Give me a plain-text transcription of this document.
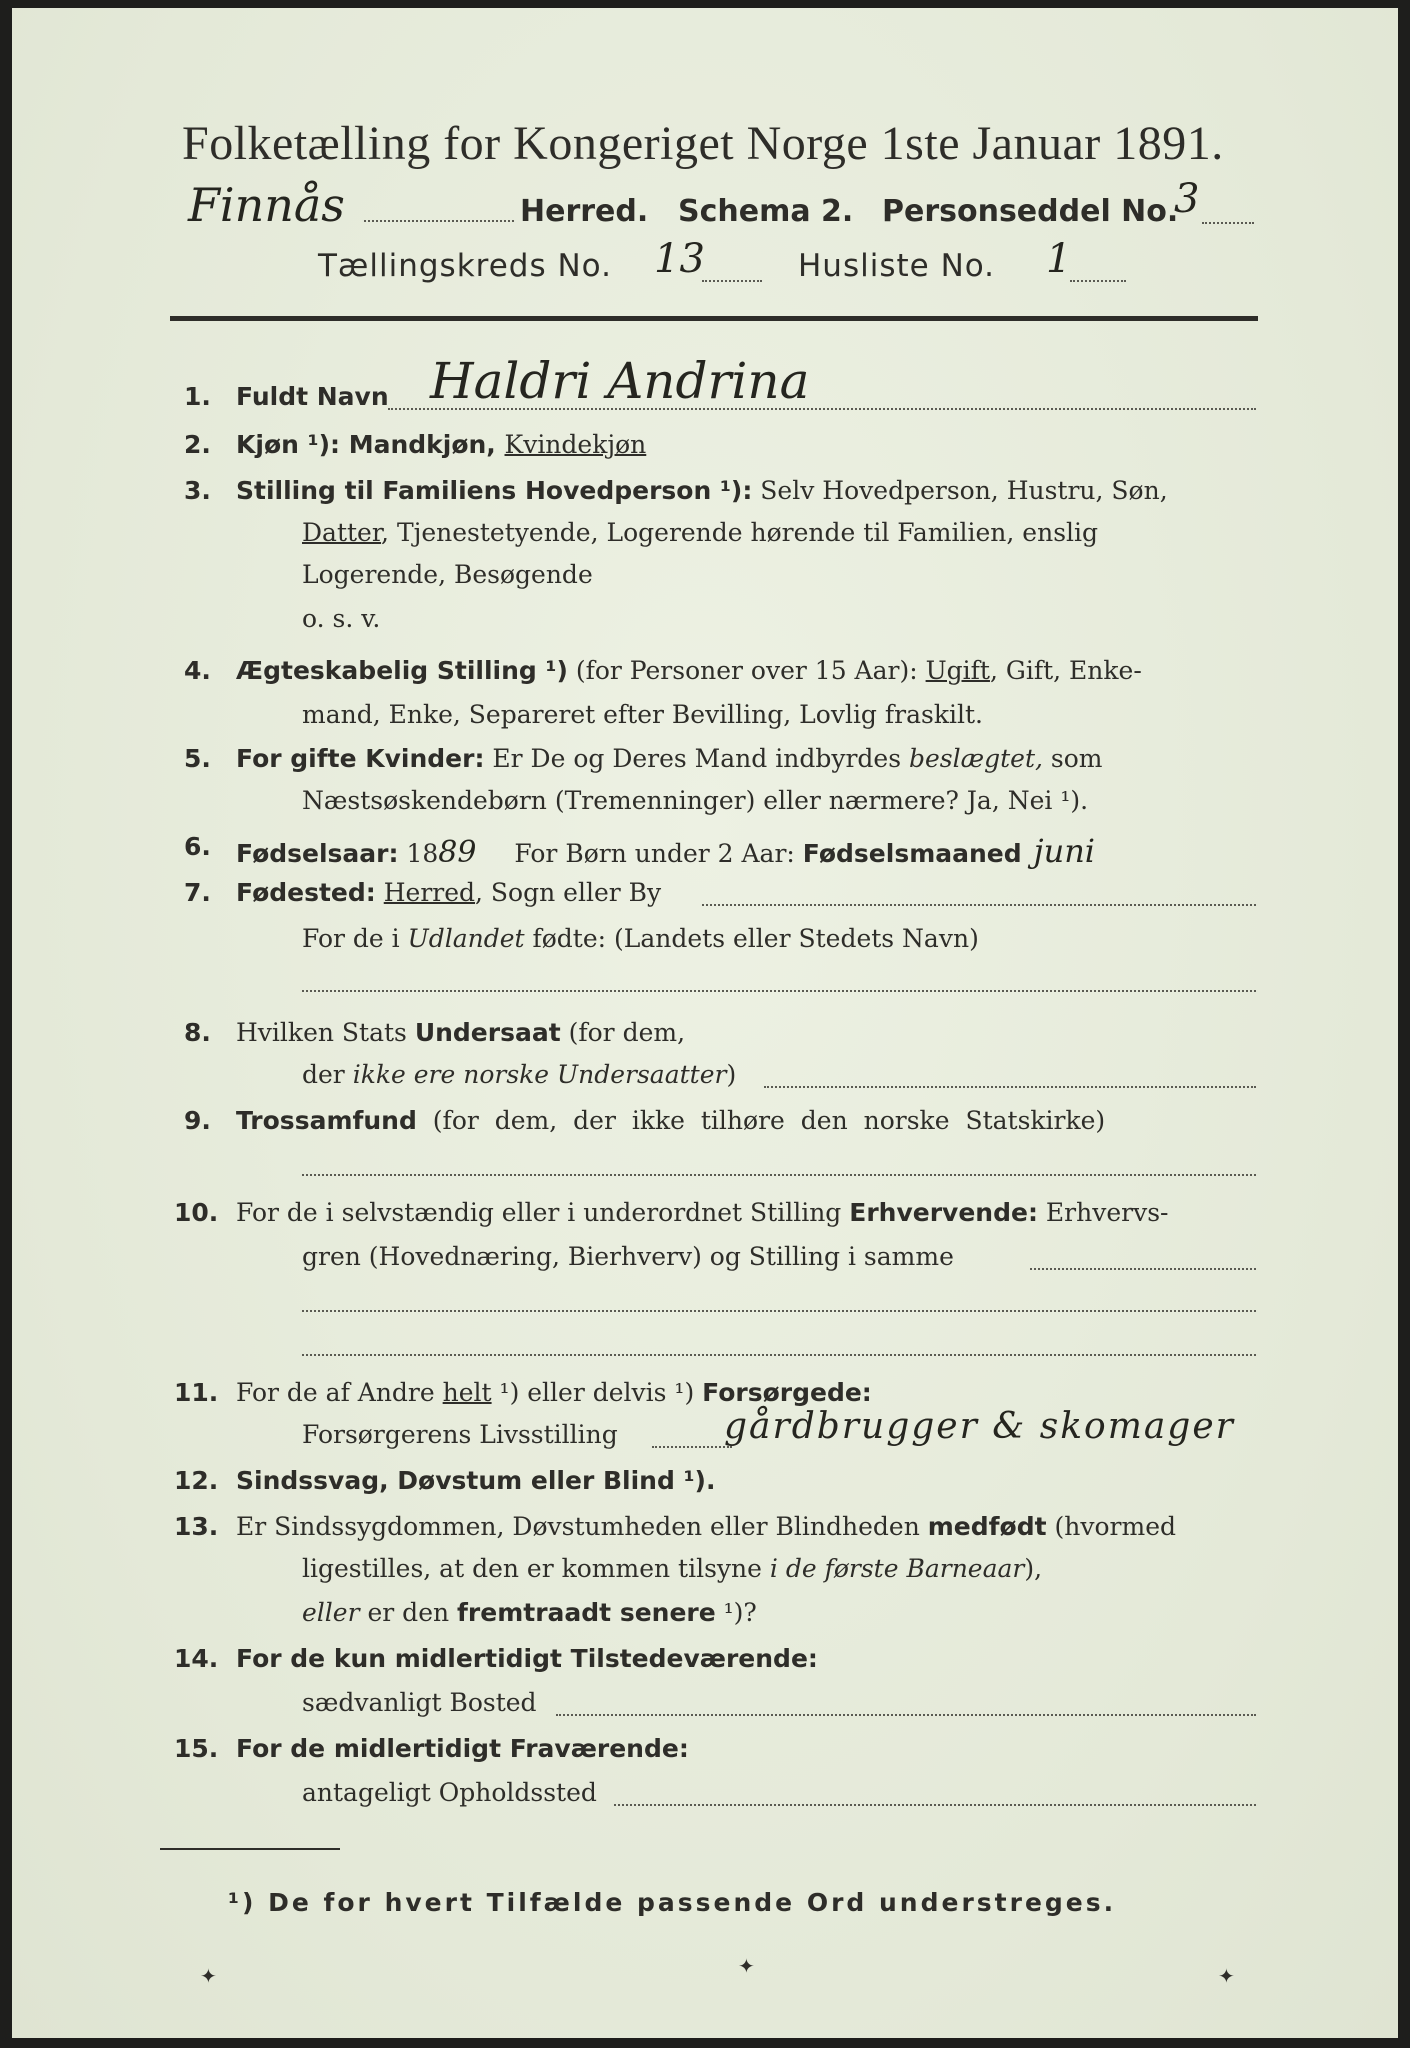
Folketælling for Kongeriget Norge 1ste Januar 1891.
Finnås	Herred. Schema 2. Personseddel No.
3
Tællingskreds No. 13	Husliste No. 1
1. Fuldt Navn Haldri Andrina
2. Kjøn ¹): Mandkjøn, Kvindekjøn
3. Stilling til Familiens Hovedperson ¹): Selv Hovedperson, Hustru, Søn,
Datter, Tjenestetyende, Logerende hørende til Familien, enslig
Logerende, Besøgende
o. s. v.
4. Ægteskabelig Stilling ¹) (for Personer over 15 Aar): Ugift, Gift, Enke-
mand, Enke, Separeret efter Bevilling, Lovlig fraskilt.
5. For gifte Kvinder: Er De og Deres Mand indbyrdes beslægtet, som
Næstsøskendebørn (Tremenninger) eller nærmere? Ja, Nei ¹).
6. Fødselsaar: 1889 For Børn under 2 Aar: Fødselsmaaned juni
7. Fødested: Herred, Sogn eller By
For de i Udlandet fødte: (Landets eller Stedets Navn)
8. Hvilken Stats Undersaat (for dem,
der ikke ere norske Undersaatter)
9. Trossamfund (for dem, der ikke tilhøre den norske Statskirke)
10. For de i selvstændig eller i underordnet Stilling Erhvervende: Erhvervs-
gren (Hovednæring, Bierhverv) og Stilling i samme
11. For de af Andre helt ¹) eller delvis ¹) Forsørgede:
Forsørgerens Livsstilling	gårdbrugger & skomager
12. Sindssvag, Døvstum eller Blind ¹).
13. Er Sindssygdommen, Døvstumheden eller Blindheden medfødt (hvormed
ligestilles, at den er kommen tilsyne i de første Barneaar),
eller er den fremtraadt senere ¹)?
14. For de kun midlertidigt Tilstedeværende:
sædvanligt Bosted
15. For de midlertidigt Fraværende:
antageligt Opholdssted
¹) De for hvert Tilfælde passende Ord understreges.
✦	✦	✦
